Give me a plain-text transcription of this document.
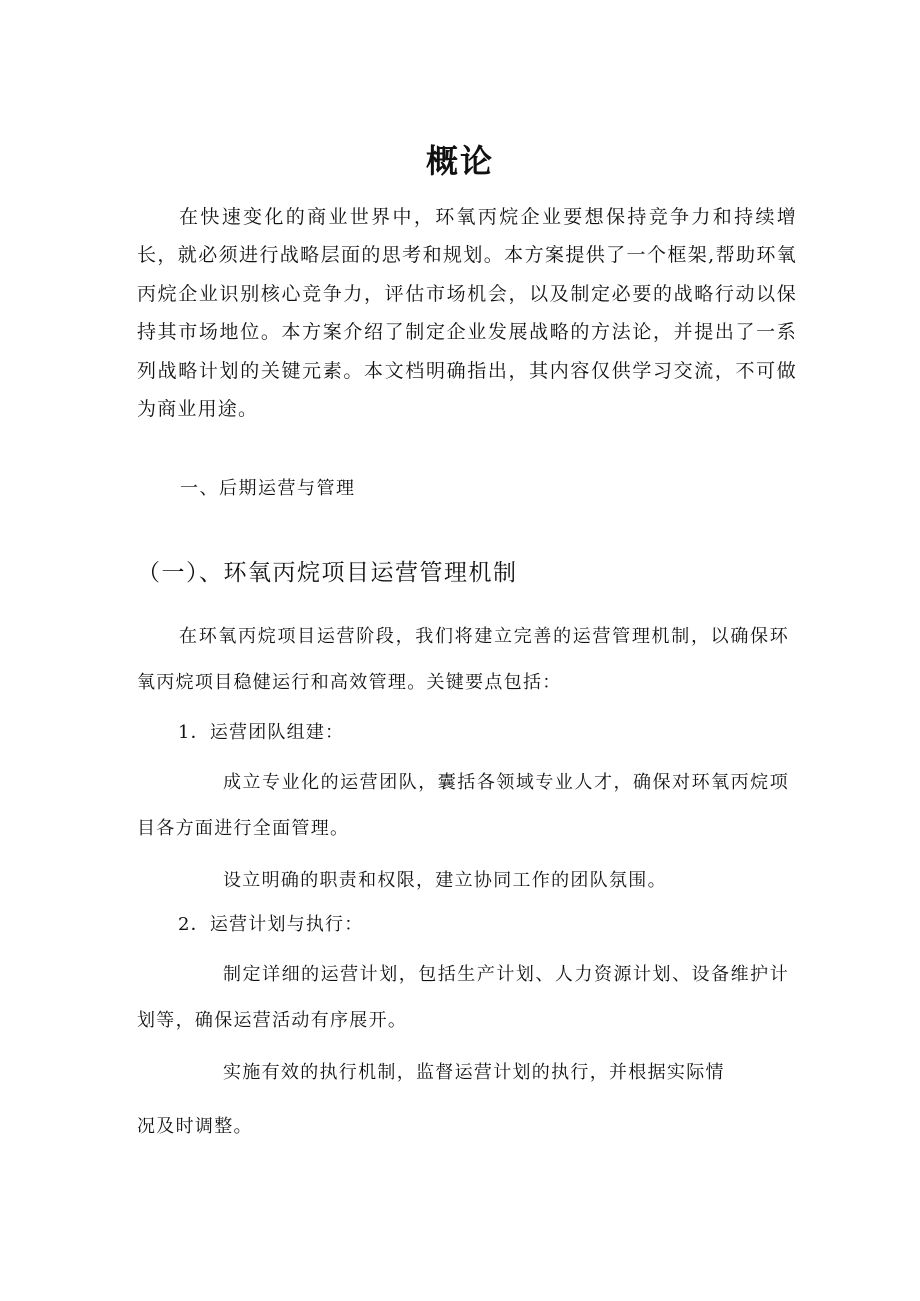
概论

在快速变化的商业世界中，环氧丙烷企业要想保持竞争力和持续增长，就必须进行战略层面的思考和规划。本方案提供了一个框架,帮助环氧丙烷企业识别核心竞争力，评估市场机会，以及制定必要的战略行动以保持其市场地位。本方案介绍了制定企业发展战略的方法论，并提出了一系列战略计划的关键元素。本文档明确指出，其内容仅供学习交流，不可做为商业用途。

一、后期运营与管理

（一）、环氧丙烷项目运营管理机制

在环氧丙烷项目运营阶段，我们将建立完善的运营管理机制，以确保环氧丙烷项目稳健运行和高效管理。关键要点包括：

1．运营团队组建：

成立专业化的运营团队，囊括各领域专业人才，确保对环氧丙烷项目各方面进行全面管理。

设立明确的职责和权限，建立协同工作的团队氛围。

2．运营计划与执行：

制定详细的运营计划，包括生产计划、人力资源计划、设备维护计划等，确保运营活动有序展开。

实施有效的执行机制，监督运营计划的执行，并根据实际情

况及时调整。
